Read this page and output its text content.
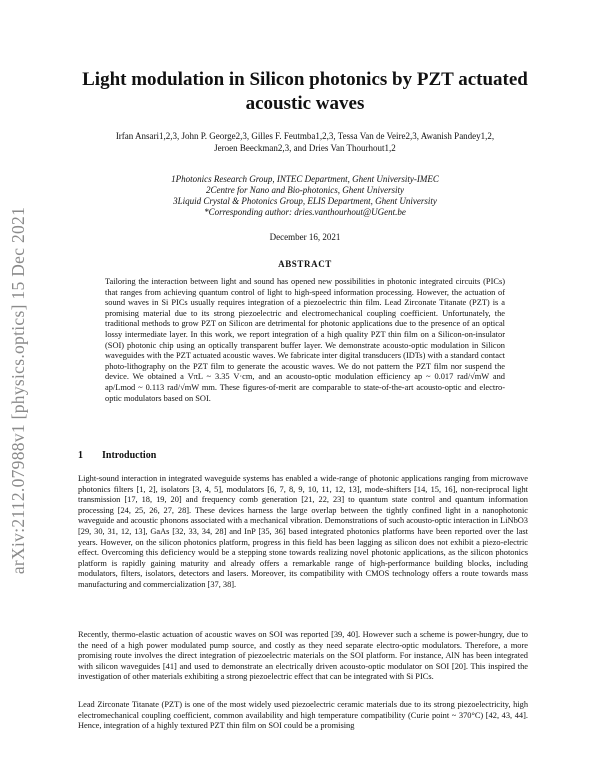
arXiv:2112.07988v1 [physics.optics] 15 Dec 2021
Light modulation in Silicon photonics by PZT actuated acoustic waves
Irfan Ansari1,2,3, John P. George2,3, Gilles F. Feutmba1,2,3, Tessa Van de Veire2,3, Awanish Pandey1,2, Jeroen Beeckman2,3, and Dries Van Thourhout1,2
1Photonics Research Group, INTEC Department, Ghent University-IMEC
2Centre for Nano and Bio-photonics, Ghent University
3Liquid Crystal & Photonics Group, ELIS Department, Ghent University
*Corresponding author: dries.vanthourhout@UGent.be
December 16, 2021
ABSTRACT

Tailoring the interaction between light and sound has opened new possibilities in photonic integrated circuits (PICs) that ranges from achieving quantum control of light to high-speed information processing. However, the actuation of sound waves in Si PICs usually requires integration of a piezoelectric thin film. Lead Zirconate Titanate (PZT) is a promising material due to its strong piezoelectric and electromechanical coupling coefficient. Unfortunately, the traditional methods to grow PZT on Silicon are detrimental for photonic applications due to the presence of an optical lossy intermediate layer. In this work, we report integration of a high quality PZT thin film on a Silicon-on-insulator (SOI) photonic chip using an optically transparent buffer layer. We demonstrate acousto-optic modulation in Silicon waveguides with the PZT actuated acoustic waves. We fabricate inter digital transducers (IDTs) with a standard contact photo-lithography on the PZT film to generate the acoustic waves. We do not pattern the PZT film nor suspend the device. We obtained a VπL ~ 3.35 V·cm, and an acousto-optic modulation efficiency ap ~ 0.017 rad/√mW and ap/Lmod ~ 0.113 rad/√mW mm. These figures-of-merit are comparable to state-of-the-art acousto-optic and electro-optic modulators based on SOI.

1 Introduction

Light-sound interaction in integrated waveguide systems has enabled a wide-range of photonic applications ranging from microwave photonics filters [1, 2], isolators [3, 4, 5], modulators [6, 7, 8, 9, 10, 11, 12, 13], mode-shifters [14, 15, 16], non-reciprocal light transmission [17, 18, 19, 20] and frequency comb generation [21, 22, 23] to quantum state control and quantum information processing [24, 25, 26, 27, 28]. These devices harness the large overlap between the tightly confined light in a nanophotonic waveguide and acoustic phonons associated with a mechanical vibration. Demonstrations of such acousto-optic interaction in LiNbO3 [29, 30, 31, 12, 13], GaAs [32, 33, 34, 28] and InP [35, 36] based integrated photonics platforms have been reported over the last years. However, on the silicon photonics platform, progress in this field has been lagging as silicon does not exhibit a piezo-electric effect. Overcoming this deficiency would be a stepping stone towards realizing novel photonic applications, as the silicon photonics platform is rapidly gaining maturity and already offers a remarkable range of high-performance building blocks, including modulators, filters, isolators, detectors and lasers. Moreover, its compatibility with CMOS technology offers a route towards mass manufacturing and commercialization [37, 38].

Recently, thermo-elastic actuation of acoustic waves on SOI was reported [39, 40]. However such a scheme is power-hungry, due to the need of a high power modulated pump source, and costly as they need separate electro-optic modulators. Therefore, a more promising route involves the direct integration of piezoelectric materials on the SOI platform. For instance, AlN has been integrated with silicon waveguides [41] and used to demonstrate an electrically driven acousto-optic modulator on SOI [20]. This inspired the investigation of other materials exhibiting a strong piezoelectric effect that can be integrated with Si PICs.

Lead Zirconate Titanate (PZT) is one of the most widely used piezoelectric ceramic materials due to its strong piezoelectricity, high electromechanical coupling coefficient, common availability and high temperature compatibility (Curie point ~ 370°C) [42, 43, 44]. Hence, integration of a highly textured PZT thin film on SOI could be a promising
